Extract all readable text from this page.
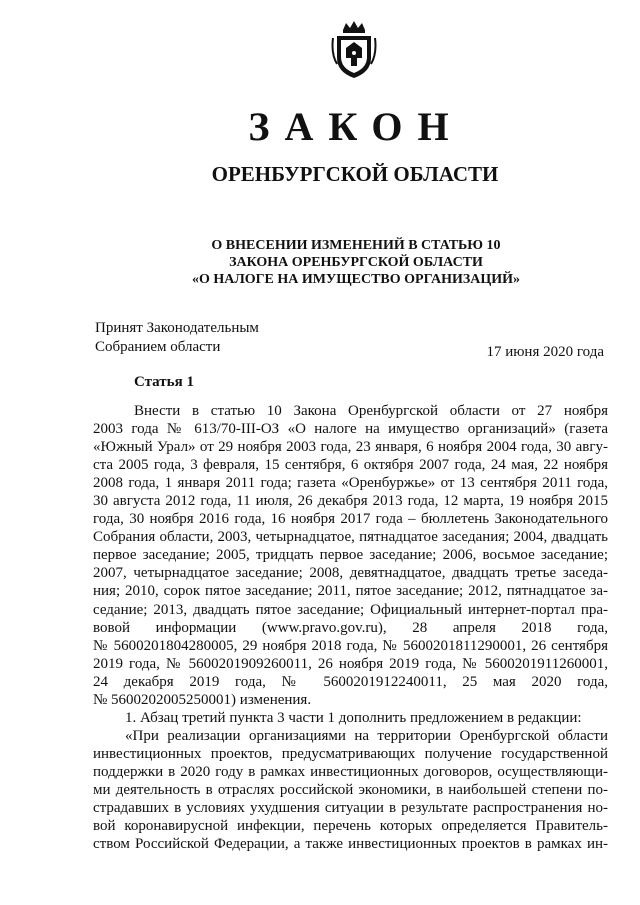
ЗАКОН
ОРЕНБУРГСКОЙ ОБЛАСТИ
О ВНЕСЕНИИ ИЗМЕНЕНИЙ В СТАТЬЮ 10
ЗАКОНА ОРЕНБУРГСКОЙ ОБЛАСТИ
«О НАЛОГЕ НА ИМУЩЕСТВО ОРГАНИЗАЦИЙ»
Принят Законодательным
Собранием области	17 июня 2020 года
Статья 1
Внести в статью 10 Закона Оренбургской области от 27 ноября
2003 года № 613/70-III-ОЗ «О налоге на имущество организаций» (газета
«Южный Урал» от 29 ноября 2003 года, 23 января, 6 ноября 2004 года, 30 авгу-
ста 2005 года, 3 февраля, 15 сентября, 6 октября 2007 года, 24 мая, 22 ноября
2008 года, 1 января 2011 года; газета «Оренбуржье» от 13 сентября 2011 года,
30 августа 2012 года, 11 июля, 26 декабря 2013 года, 12 марта, 19 ноября 2015
года, 30 ноября 2016 года, 16 ноября 2017 года – бюллетень Законодательного
Собрания области, 2003, четырнадцатое, пятнадцатое заседания; 2004, двадцать
первое заседание; 2005, тридцать первое заседание; 2006, восьмое заседание;
2007, четырнадцатое заседание; 2008, девятнадцатое, двадцать третье заседа-
ния; 2010, сорок пятое заседание; 2011, пятое заседание; 2012, пятнадцатое за-
седание; 2013, двадцать пятое заседание; Официальный интернет-портал пра-
вовой информации (www.pravo.gov.ru), 28 апреля 2018 года,
№ 5600201804280005, 29 ноября 2018 года, № 5600201811290001, 26 сентября
2019 года, № 5600201909260011, 26 ноября 2019 года, № 5600201911260001,
24 декабря 2019 года, № 5600201912240011, 25 мая 2020 года,
№ 5600202005250001) изменения.
1. Абзац третий пункта 3 части 1 дополнить предложением в редакции:
«При реализации организациями на территории Оренбургской области
инвестиционных проектов, предусматривающих получение государственной
поддержки в 2020 году в рамках инвестиционных договоров, осуществляющи-
ми деятельность в отраслях российской экономики, в наибольшей степени по-
страдавших в условиях ухудшения ситуации в результате распространения но-
вой коронавирусной инфекции, перечень которых определяется Правитель-
ством Российской Федерации, а также инвестиционных проектов в рамках ин-
